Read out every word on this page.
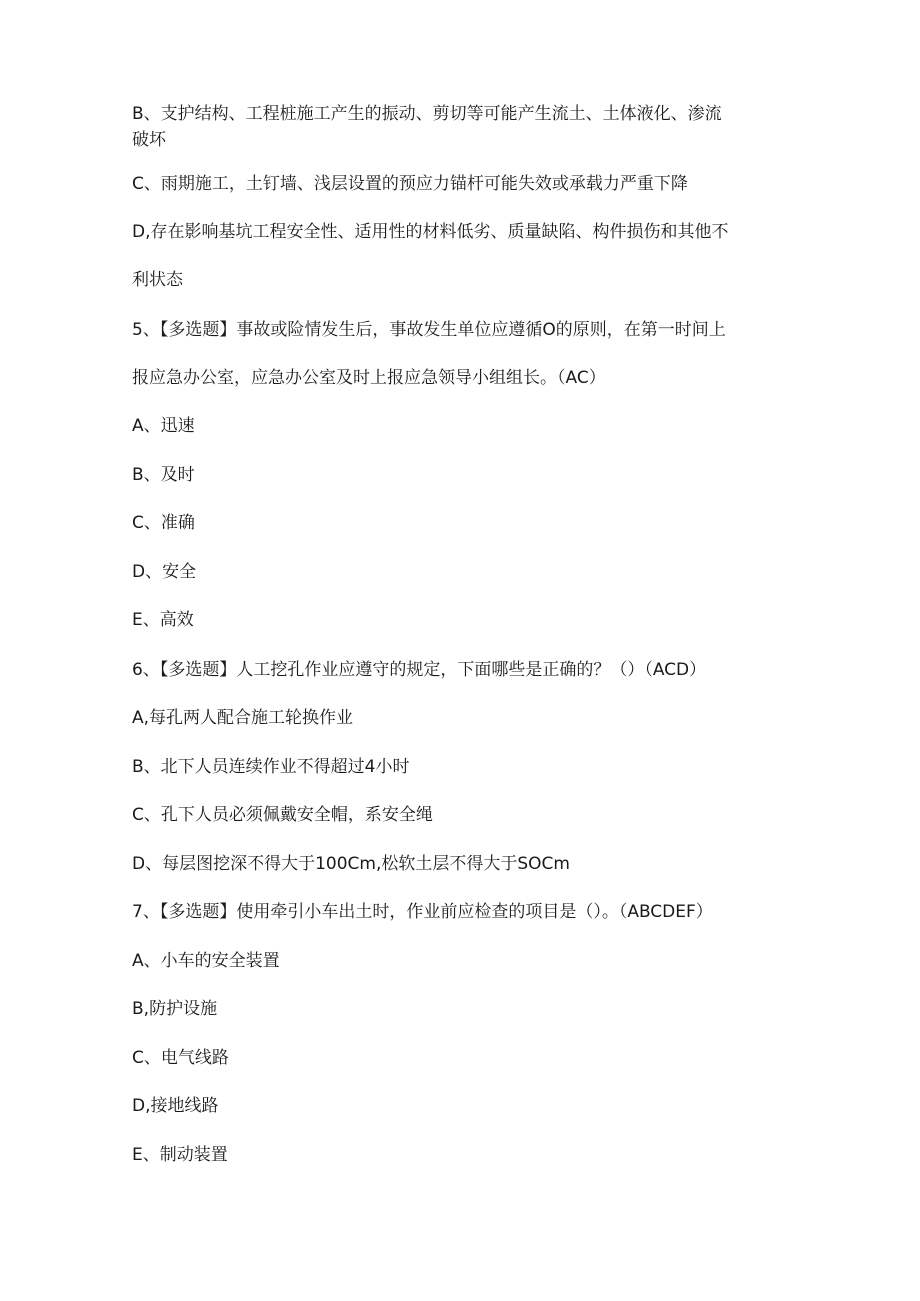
B、支护结构、工程桩施工产生的振动、剪切等可能产生流土、土体液化、渗流
破坏
C、雨期施工，土钉墙、浅层设置的预应力锚杆可能失效或承载力严重下降
D,存在影响基坑工程安全性、适用性的材料低劣、质量缺陷、构件损伤和其他不
利状态
5、【多选题】事故或险情发生后，事故发生单位应遵循O的原则，在第一时间上
报应急办公室，应急办公室及时上报应急领导小组组长。（AC）
A、迅速
B、及时
C、准确
D、安全
E、高效
6、【多选题】人工挖孔作业应遵守的规定，下面哪些是正确的？（）（ACD）
A,每孔两人配合施工轮换作业
B、北下人员连续作业不得超过4小时
C、孔下人员必须佩戴安全帽，系安全绳
D、每层图挖深不得大于100Cm,松软土层不得大于SOCm
7、【多选题】使用牵引小车出土时，作业前应检查的项目是（）。（ABCDEF）
A、小车的安全装置
B,防护设施
C、电气线路
D,接地线路
E、制动装置
